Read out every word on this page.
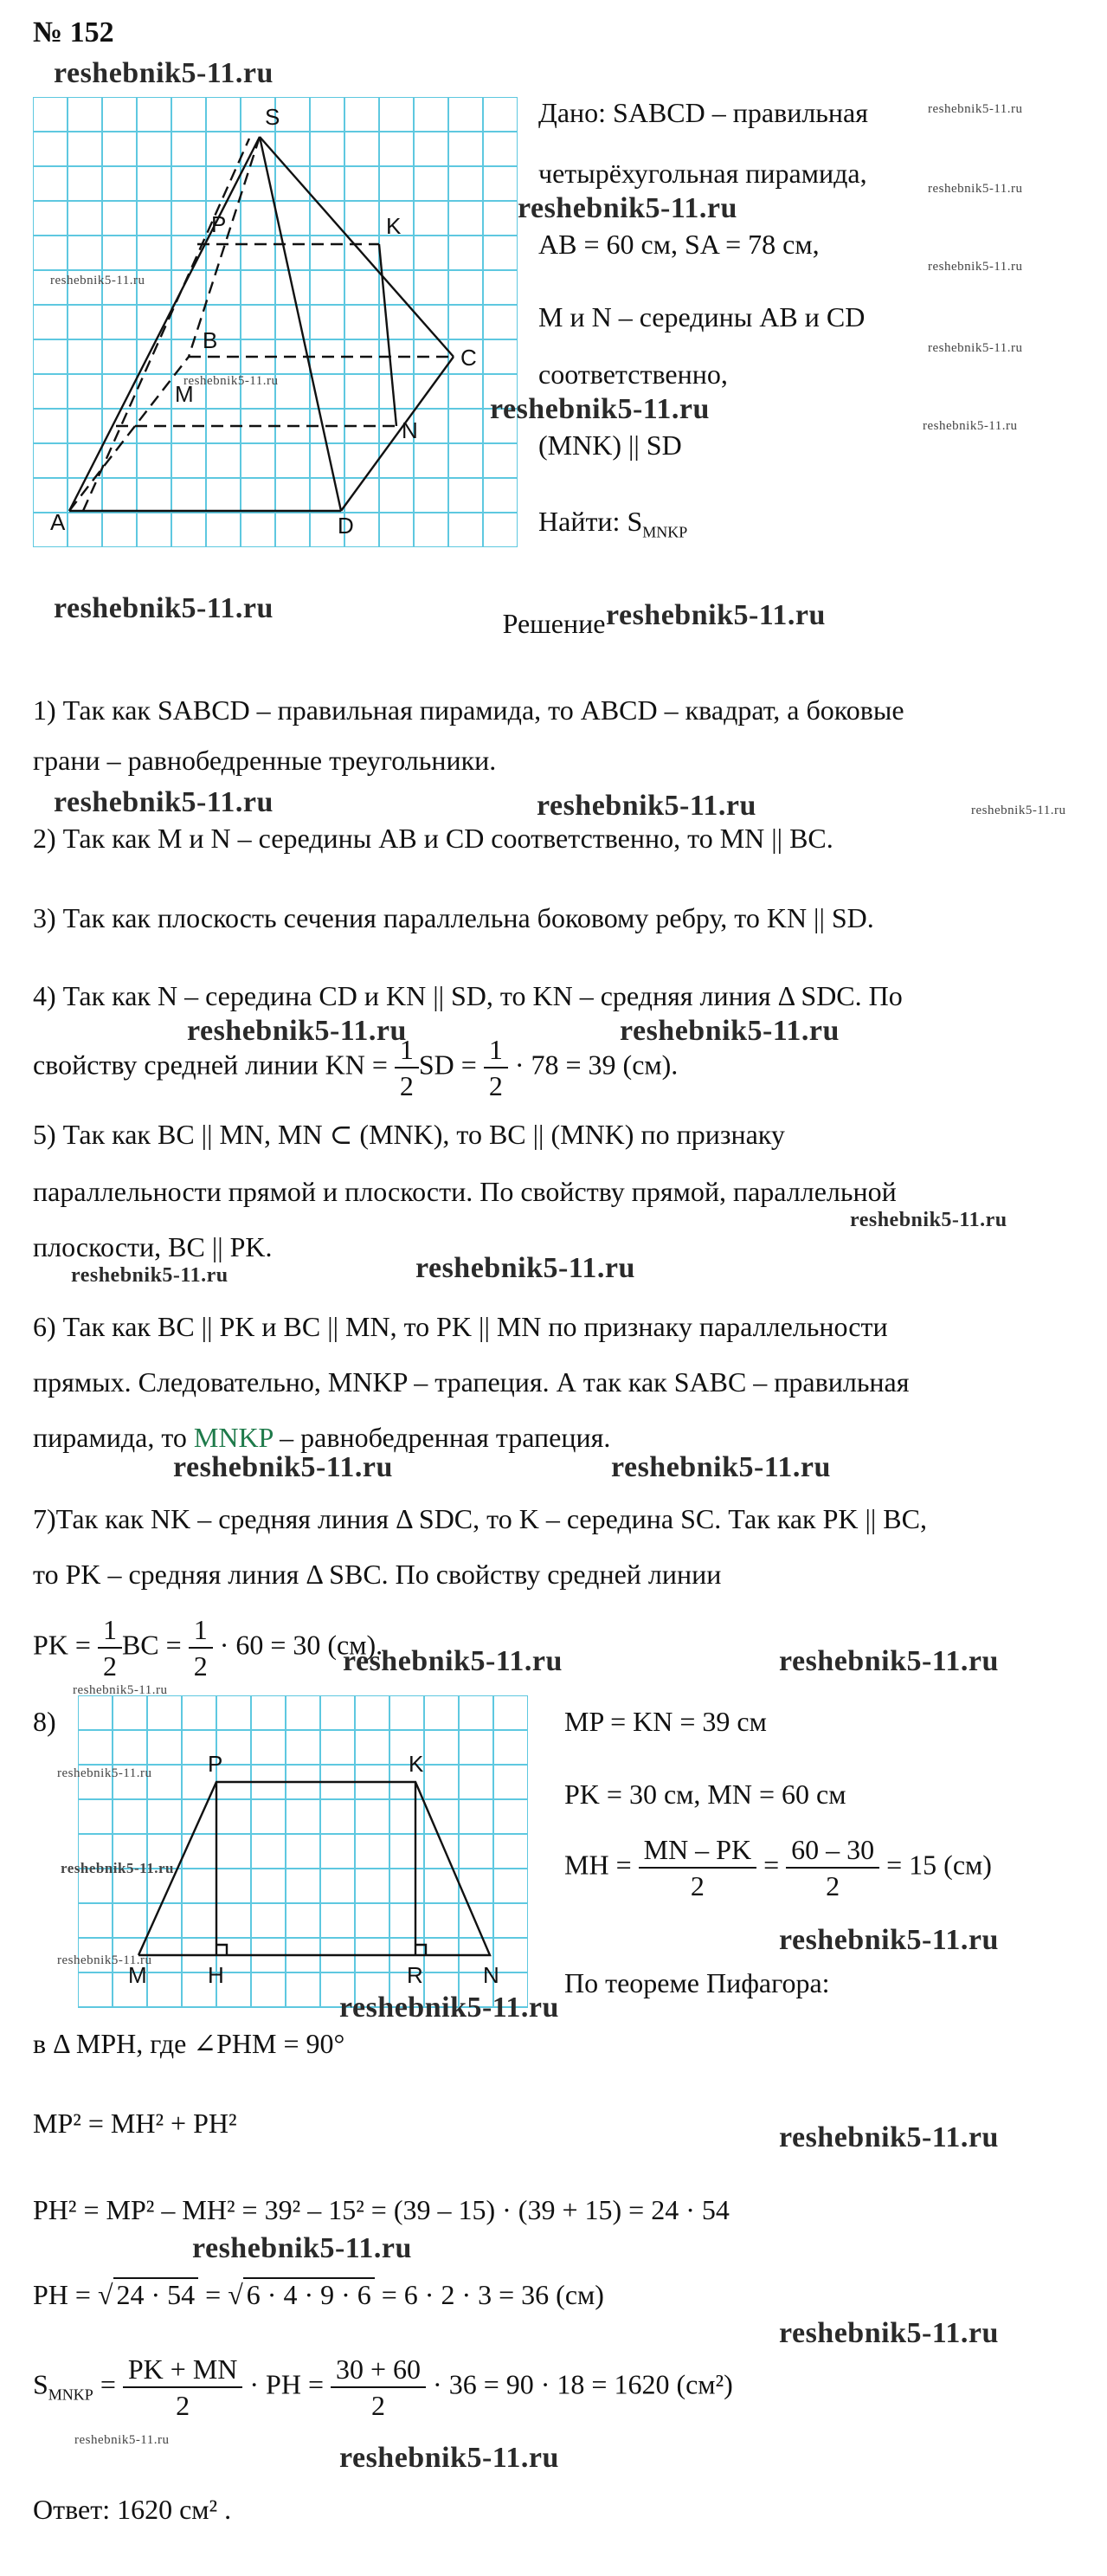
№ 152
S
P	K
B
C
M
N
A	D
Дано: SABCD – правильная
четырёхугольная пирамида,
AB = 60 см, SA = 78 см,
M и N – середины AB и CD
соответственно,
(MNK) || SD
Найти: $S_{MNKP}$
Решение
1) Так как SABCD – правильная пирамида, то ABCD – квадрат, а боковые
грани – равнобедренные треугольники.
2) Так как M и N – середины AB и CD соответственно, то MN || BC.
3) Так как плоскость сечения параллельна боковому ребру, то KN || SD.
4) Так как N – середина CD и KN || SD, то KN – средняя линия Δ SDC. По
свойству средней линии KN = $\frac{1}{2}$ SD = $\frac{1}{2} \cdot 78 = 39$ (см).
5) Так как BC || MN, MN ⊂ (MNK), то BC || (MNK) по признаку
параллельности прямой и плоскости. По свойству прямой, параллельной
плоскости, BC || PK.
6) Так как BC || PK и BC || MN, то PK || MN по признаку параллельности
прямых. Следовательно, MNKP – трапеция. А так как SABC – правильная
пирамида, то MNKP – равнобедренная трапеция.
7)Так как NK – средняя линия Δ SDC, то K – середина SC. Так как PK || BC,
то PK – средняя линия Δ SBC. По свойству средней линии
PK = $\frac{1}{2}$ BC = $\frac{1}{2} \cdot 60 = 30$ (см).
8)
P	K
M	H	R	N
MP = KN = 39 см
PK = 30 см, MN = 60 см
MH = $\frac{MN - PK}{2} = \frac{60 - 30}{2} = 15$ (см)
По теореме Пифагора:
в Δ MPH, где ∠PHM = 90°
MP² = MH² + PH²
PH² = MP² – MH² = 39² – 15² = (39 – 15) · (39 + 15) = 24 · 54
PH = √ 24 · 54 = √ 6 · 4 · 9 · 6 = 6 · 2 · 3 = 36 (см)
$S_{MNKP} = \frac{PK + MN}{2}$ · PH = $\frac{30 + 60}{2} \cdot 36 = 90 \cdot 18 = 1620$ (см²)
Ответ: 1620 см² .
reshebnik5-11.ru
reshebnik5-11.ru
reshebnik5-11.ru
reshebnik5-11.ru	reshebnik5-11.ru
reshebnik5-11.ru	reshebnik5-11.ru
reshebnik5-11.ru	reshebnik5-11.ru
reshebnik5-11.ru
reshebnik5-11.ru	reshebnik5-11.ru
reshebnik5-11.ru	reshebnik5-11.ru
reshebnik5-11.ru
reshebnik5-11.ru
reshebnik5-11.ru
reshebnik5-11.ru
reshebnik5-11.ru
reshebnik5-11.ru
reshebnik5-11.ru
reshebnik5-11.ru
reshebnik5-11.ru
reshebnik5-11.ru
reshebnik5-11.ru
reshebnik5-11.ru
reshebnik5-11.ru
reshebnik5-11.ru
reshebnik5-11.ru
reshebnik5-11.ru
reshebnik5-11.ru
reshebnik5-11.ru
reshebnik5-11.ru
reshebnik5-11.ru
reshebnik5-11.ru
